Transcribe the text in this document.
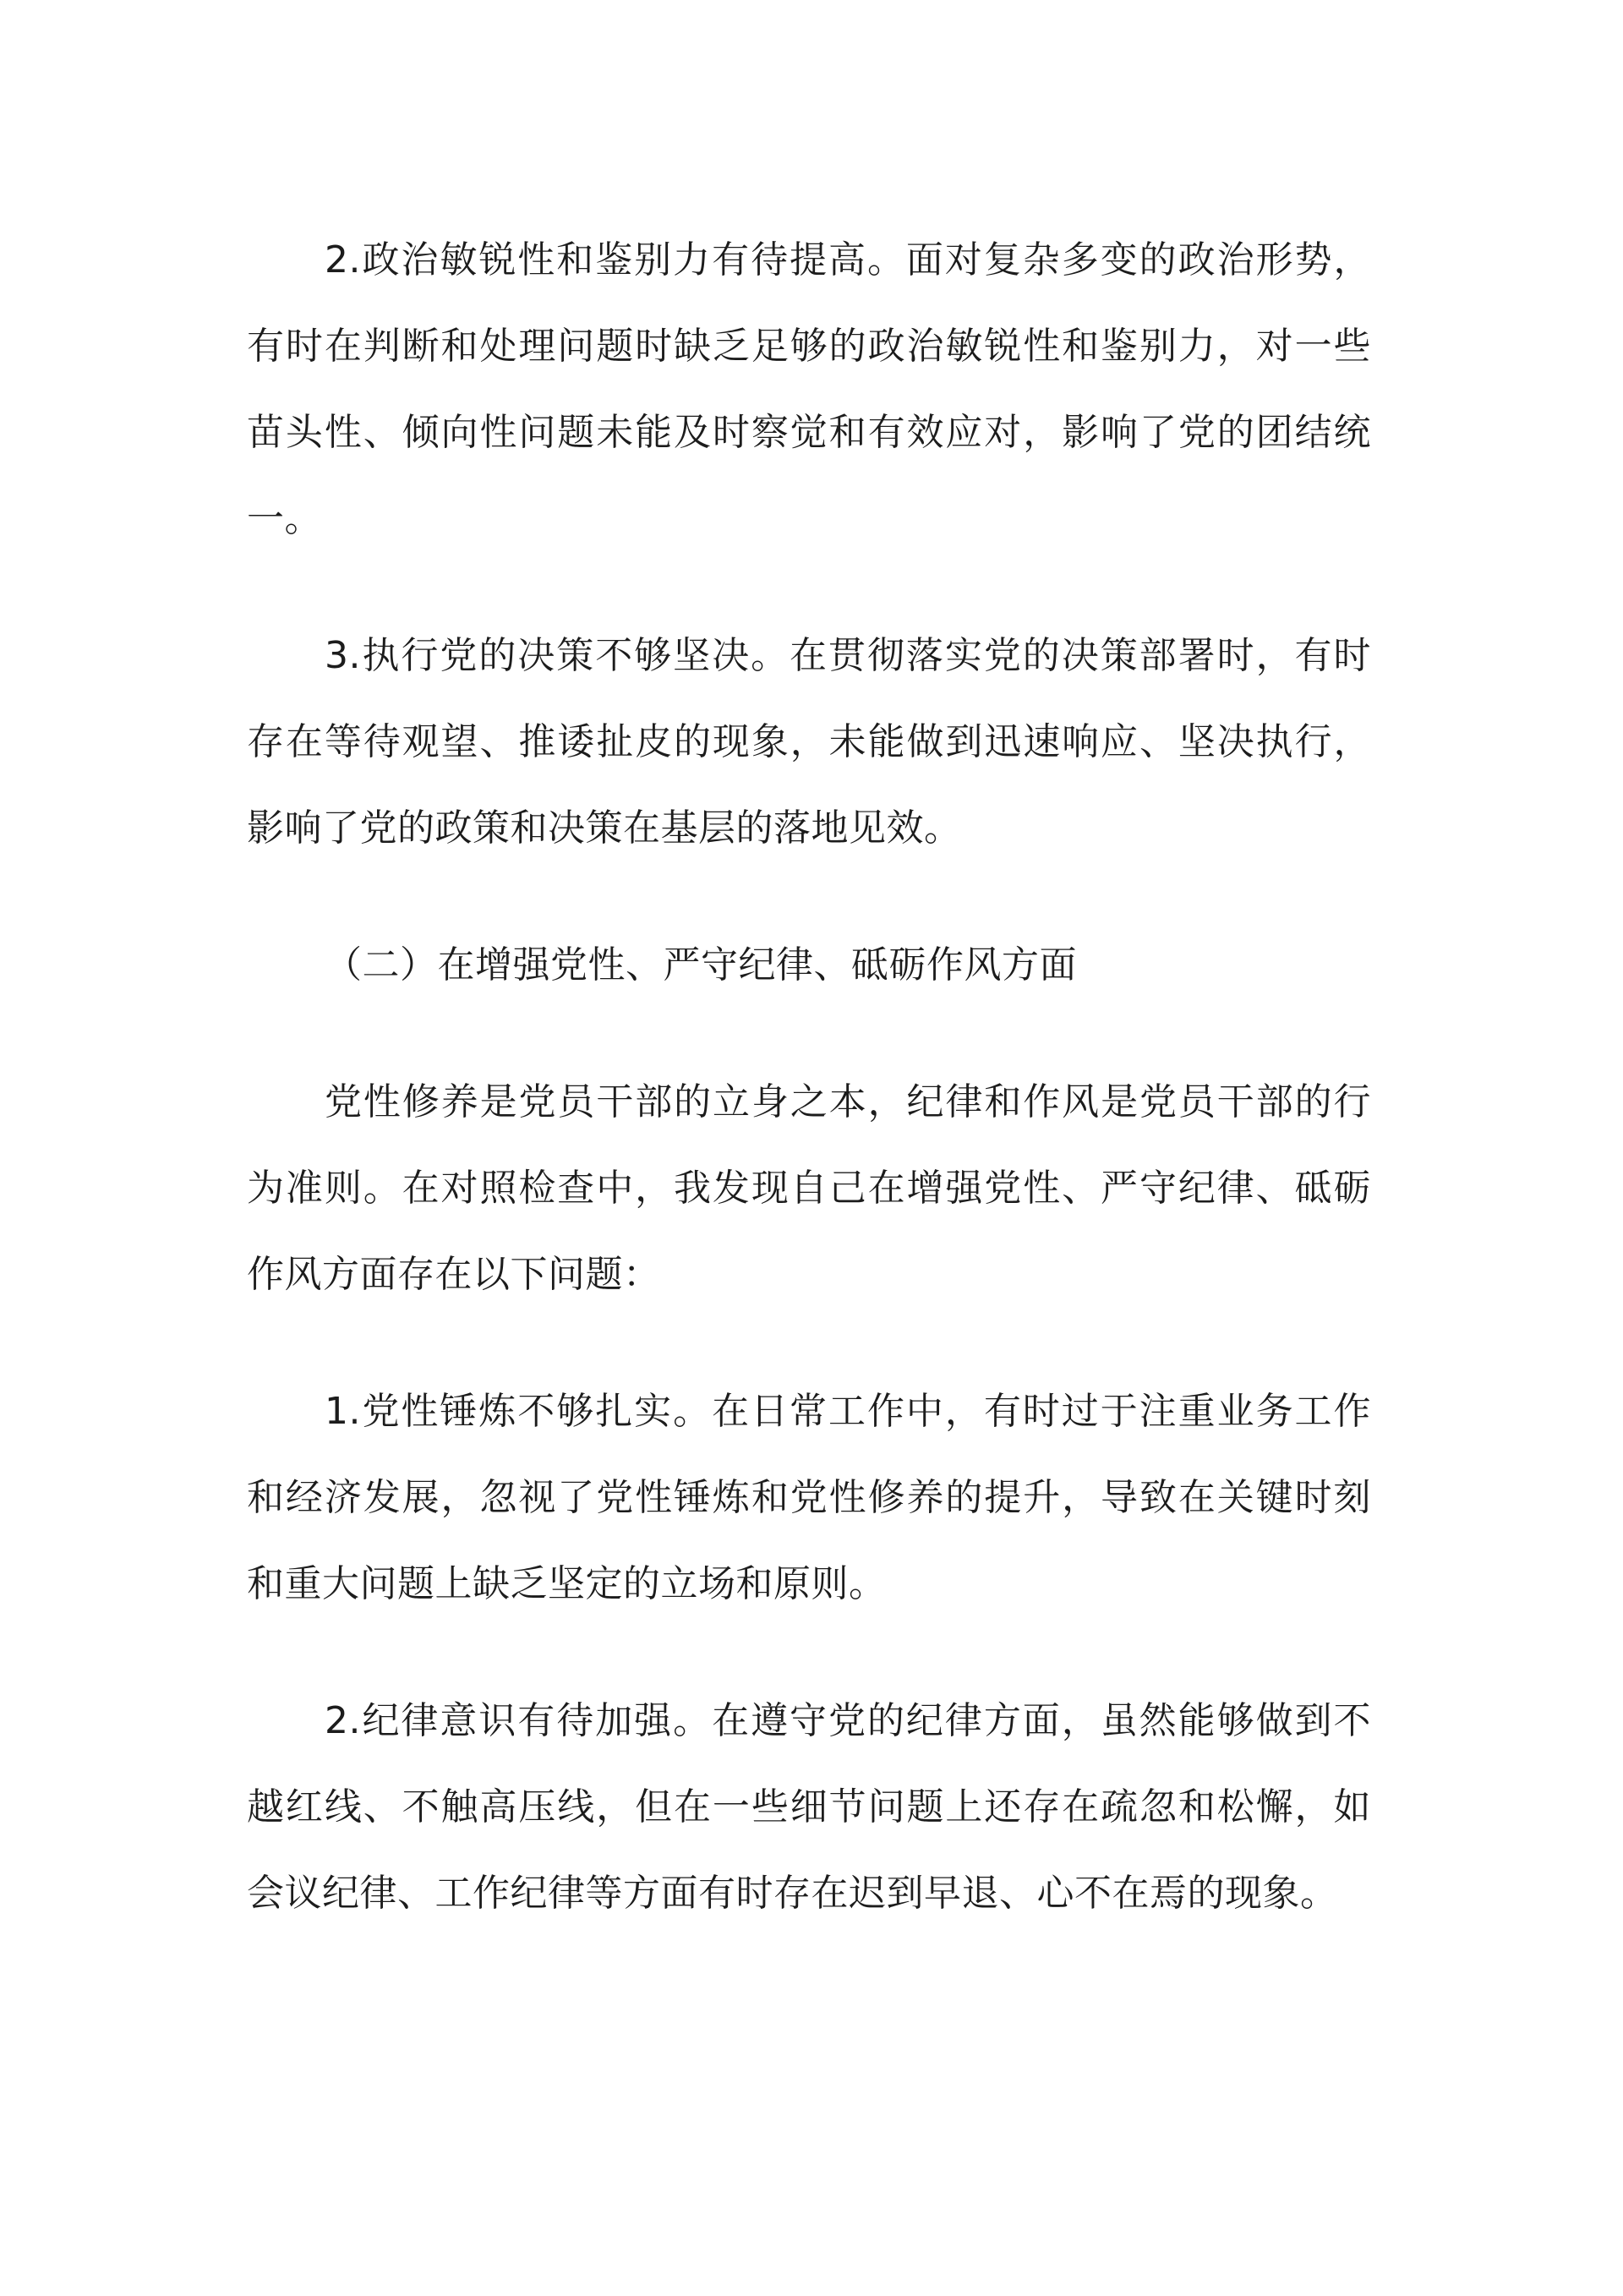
2.政治敏锐性和鉴别力有待提高。面对复杂多变的政治形势，有时在判断和处理问题时缺乏足够的政治敏锐性和鉴别力，对一些苗头性、倾向性问题未能及时察觉和有效应对，影响了党的团结统一。

3.执行党的决策不够坚决。在贯彻落实党的决策部署时，有时存在等待观望、推诿扯皮的现象，未能做到迅速响应、坚决执行，影响了党的政策和决策在基层的落地见效。

（二）在增强党性、严守纪律、砥砺作风方面

党性修养是党员干部的立身之本，纪律和作风是党员干部的行为准则。在对照检查中，我发现自己在增强党性、严守纪律、砥砺作风方面存在以下问题：

1.党性锤炼不够扎实。在日常工作中，有时过于注重业务工作和经济发展，忽视了党性锤炼和党性修养的提升，导致在关键时刻和重大问题上缺乏坚定的立场和原则。

2.纪律意识有待加强。在遵守党的纪律方面，虽然能够做到不越红线、不触高压线，但在一些细节问题上还存在疏忽和松懈，如会议纪律、工作纪律等方面有时存在迟到早退、心不在焉的现象。
